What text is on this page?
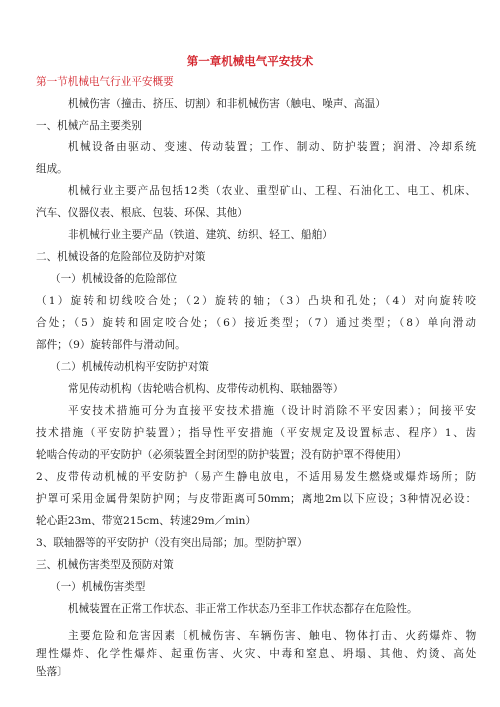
第一章机械电气平安技术
第一节机械电气行业平安概要
机械伤害（撞击、挤压、切割）和非机械伤害（触电、噪声、高温）
一、机械产品主要类别
机械设备由驱动、变速、传动装置；工作、制动、防护装置；润滑、冷却系统
组成。
机械行业主要产品包括12类（农业、重型矿山、工程、石油化工、电工、机床、
汽车、仪器仪表、根底、包装、环保、其他）
非机械行业主要产品（铁道、建筑、纺织、轻工、船舶）
二、机械设备的危险部位及防护对策
（一）机械设备的危险部位
（1）旋转和切线咬合处；（2）旋转的轴；（3）凸块和孔处；（4）对向旋转咬
合处；（5）旋转和固定咬合处；（6）接近类型；（7）通过类型；（8）单向滑动
部件；（9）旋转部件与滑动间。
（二）机械传动机构平安防护对策
常见传动机构（齿轮啮合机构、皮带传动机构、联轴器等）
平安技术措施可分为直接平安技术措施（设计时消除不平安因素）；间接平安
技术措施（平安防护装置）；指导性平安措施（平安规定及设置标志、程序）1、齿
轮啮合传动的平安防护（必须装置全封闭型的防护装置；没有防护罩不得使用）
2、皮带传动机械的平安防护（易产生静电放电，不适用易发生燃烧或爆炸场所；防
护罩可采用金属骨架防护网；与皮带距离可50mm；离地2m以下应设；3种情况必设：
轮心距23m、带宽215cm、转速29m／min）
3、联轴器等的平安防护（没有突出局部；加。型防护罩）
三、机械伤害类型及预防对策
（一）机械伤害类型
机械装置在正常工作状态、非正常工作状态乃至非工作状态都存在危险性。
主要危险和危害因素〔机械伤害、车辆伤害、触电、物体打击、火药爆炸、物
理性爆炸、化学性爆炸、起重伤害、火灾、中毒和窒息、坍塌、其他、灼烫、高处
坠落〕
